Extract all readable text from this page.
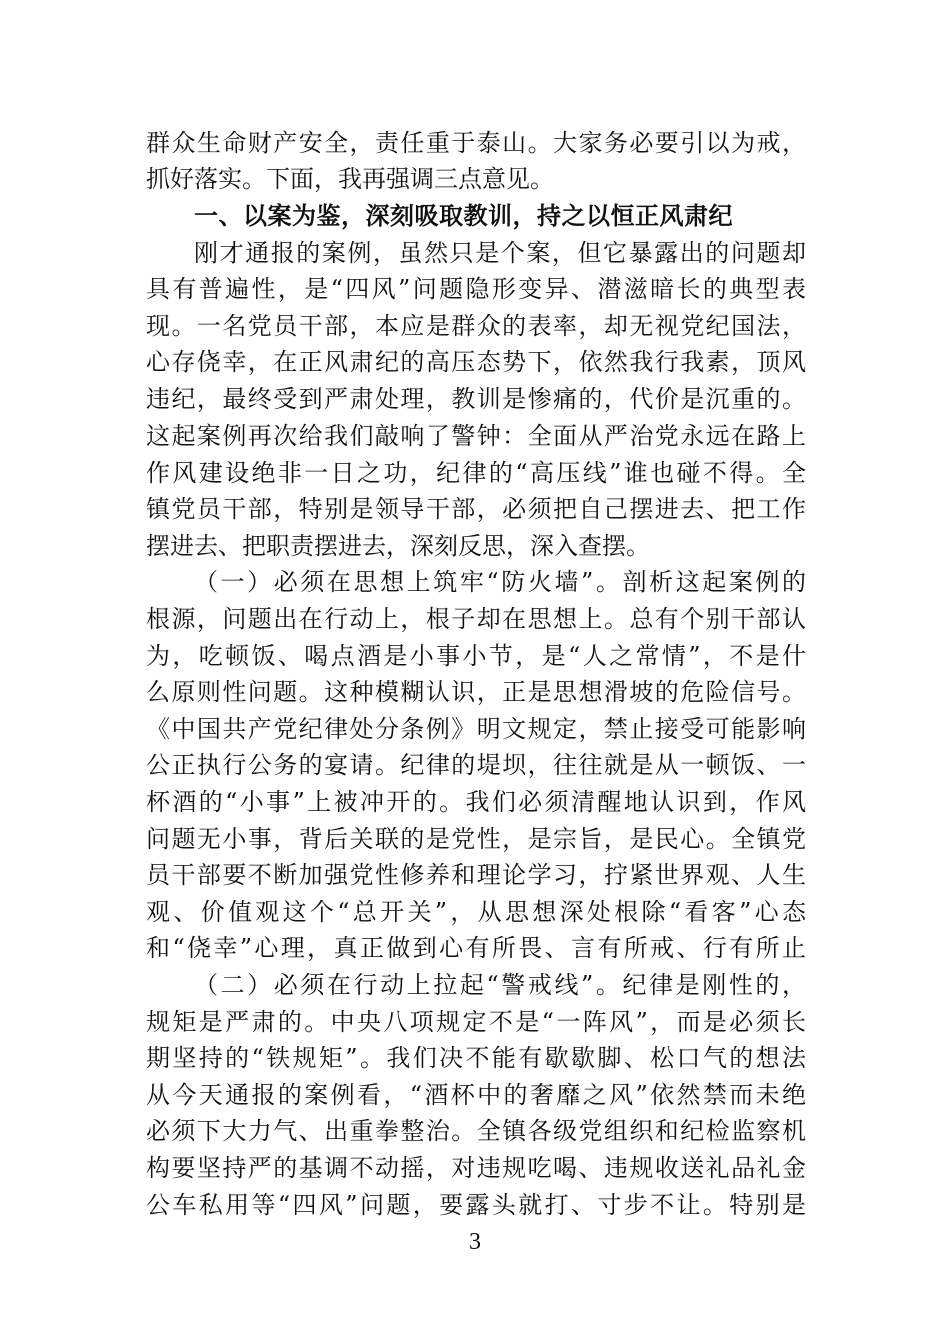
群众生命财产安全，责任重于泰山。大家务必要引以为戒，
抓好落实。下面，我再强调三点意见。
一、以案为鉴，深刻吸取教训，持之以恒正风肃纪
刚才通报的案例，虽然只是个案，但它暴露出的问题却
具有普遍性，是“四风”问题隐形变异、潜滋暗长的典型表
现。一名党员干部，本应是群众的表率，却无视党纪国法，
心存侥幸，在正风肃纪的高压态势下，依然我行我素，顶风
违纪，最终受到严肃处理，教训是惨痛的，代价是沉重的。
这起案例再次给我们敲响了警钟：全面从严治党永远在路上
作风建设绝非一日之功，纪律的“高压线”谁也碰不得。全
镇党员干部，特别是领导干部，必须把自己摆进去、把工作
摆进去、把职责摆进去，深刻反思，深入查摆。
（一）必须在思想上筑牢“防火墙”。剖析这起案例的
根源，问题出在行动上，根子却在思想上。总有个别干部认
为，吃顿饭、喝点酒是小事小节，是“人之常情”，不是什
么原则性问题。这种模糊认识，正是思想滑坡的危险信号。
《中国共产党纪律处分条例》明文规定，禁止接受可能影响
公正执行公务的宴请。纪律的堤坝，往往就是从一顿饭、一
杯酒的“小事”上被冲开的。我们必须清醒地认识到，作风
问题无小事，背后关联的是党性，是宗旨，是民心。全镇党
员干部要不断加强党性修养和理论学习，拧紧世界观、人生
观、价值观这个“总开关”，从思想深处根除“看客”心态
和“侥幸”心理，真正做到心有所畏、言有所戒、行有所止
（二）必须在行动上拉起“警戒线”。纪律是刚性的，
规矩是严肃的。中央八项规定不是“一阵风”，而是必须长
期坚持的“铁规矩”。我们决不能有歇歇脚、松口气的想法
从今天通报的案例看，“酒杯中的奢靡之风”依然禁而未绝
必须下大力气、出重拳整治。全镇各级党组织和纪检监察机
构要坚持严的基调不动摇，对违规吃喝、违规收送礼品礼金
公车私用等“四风”问题，要露头就打、寸步不让。特别是
3
